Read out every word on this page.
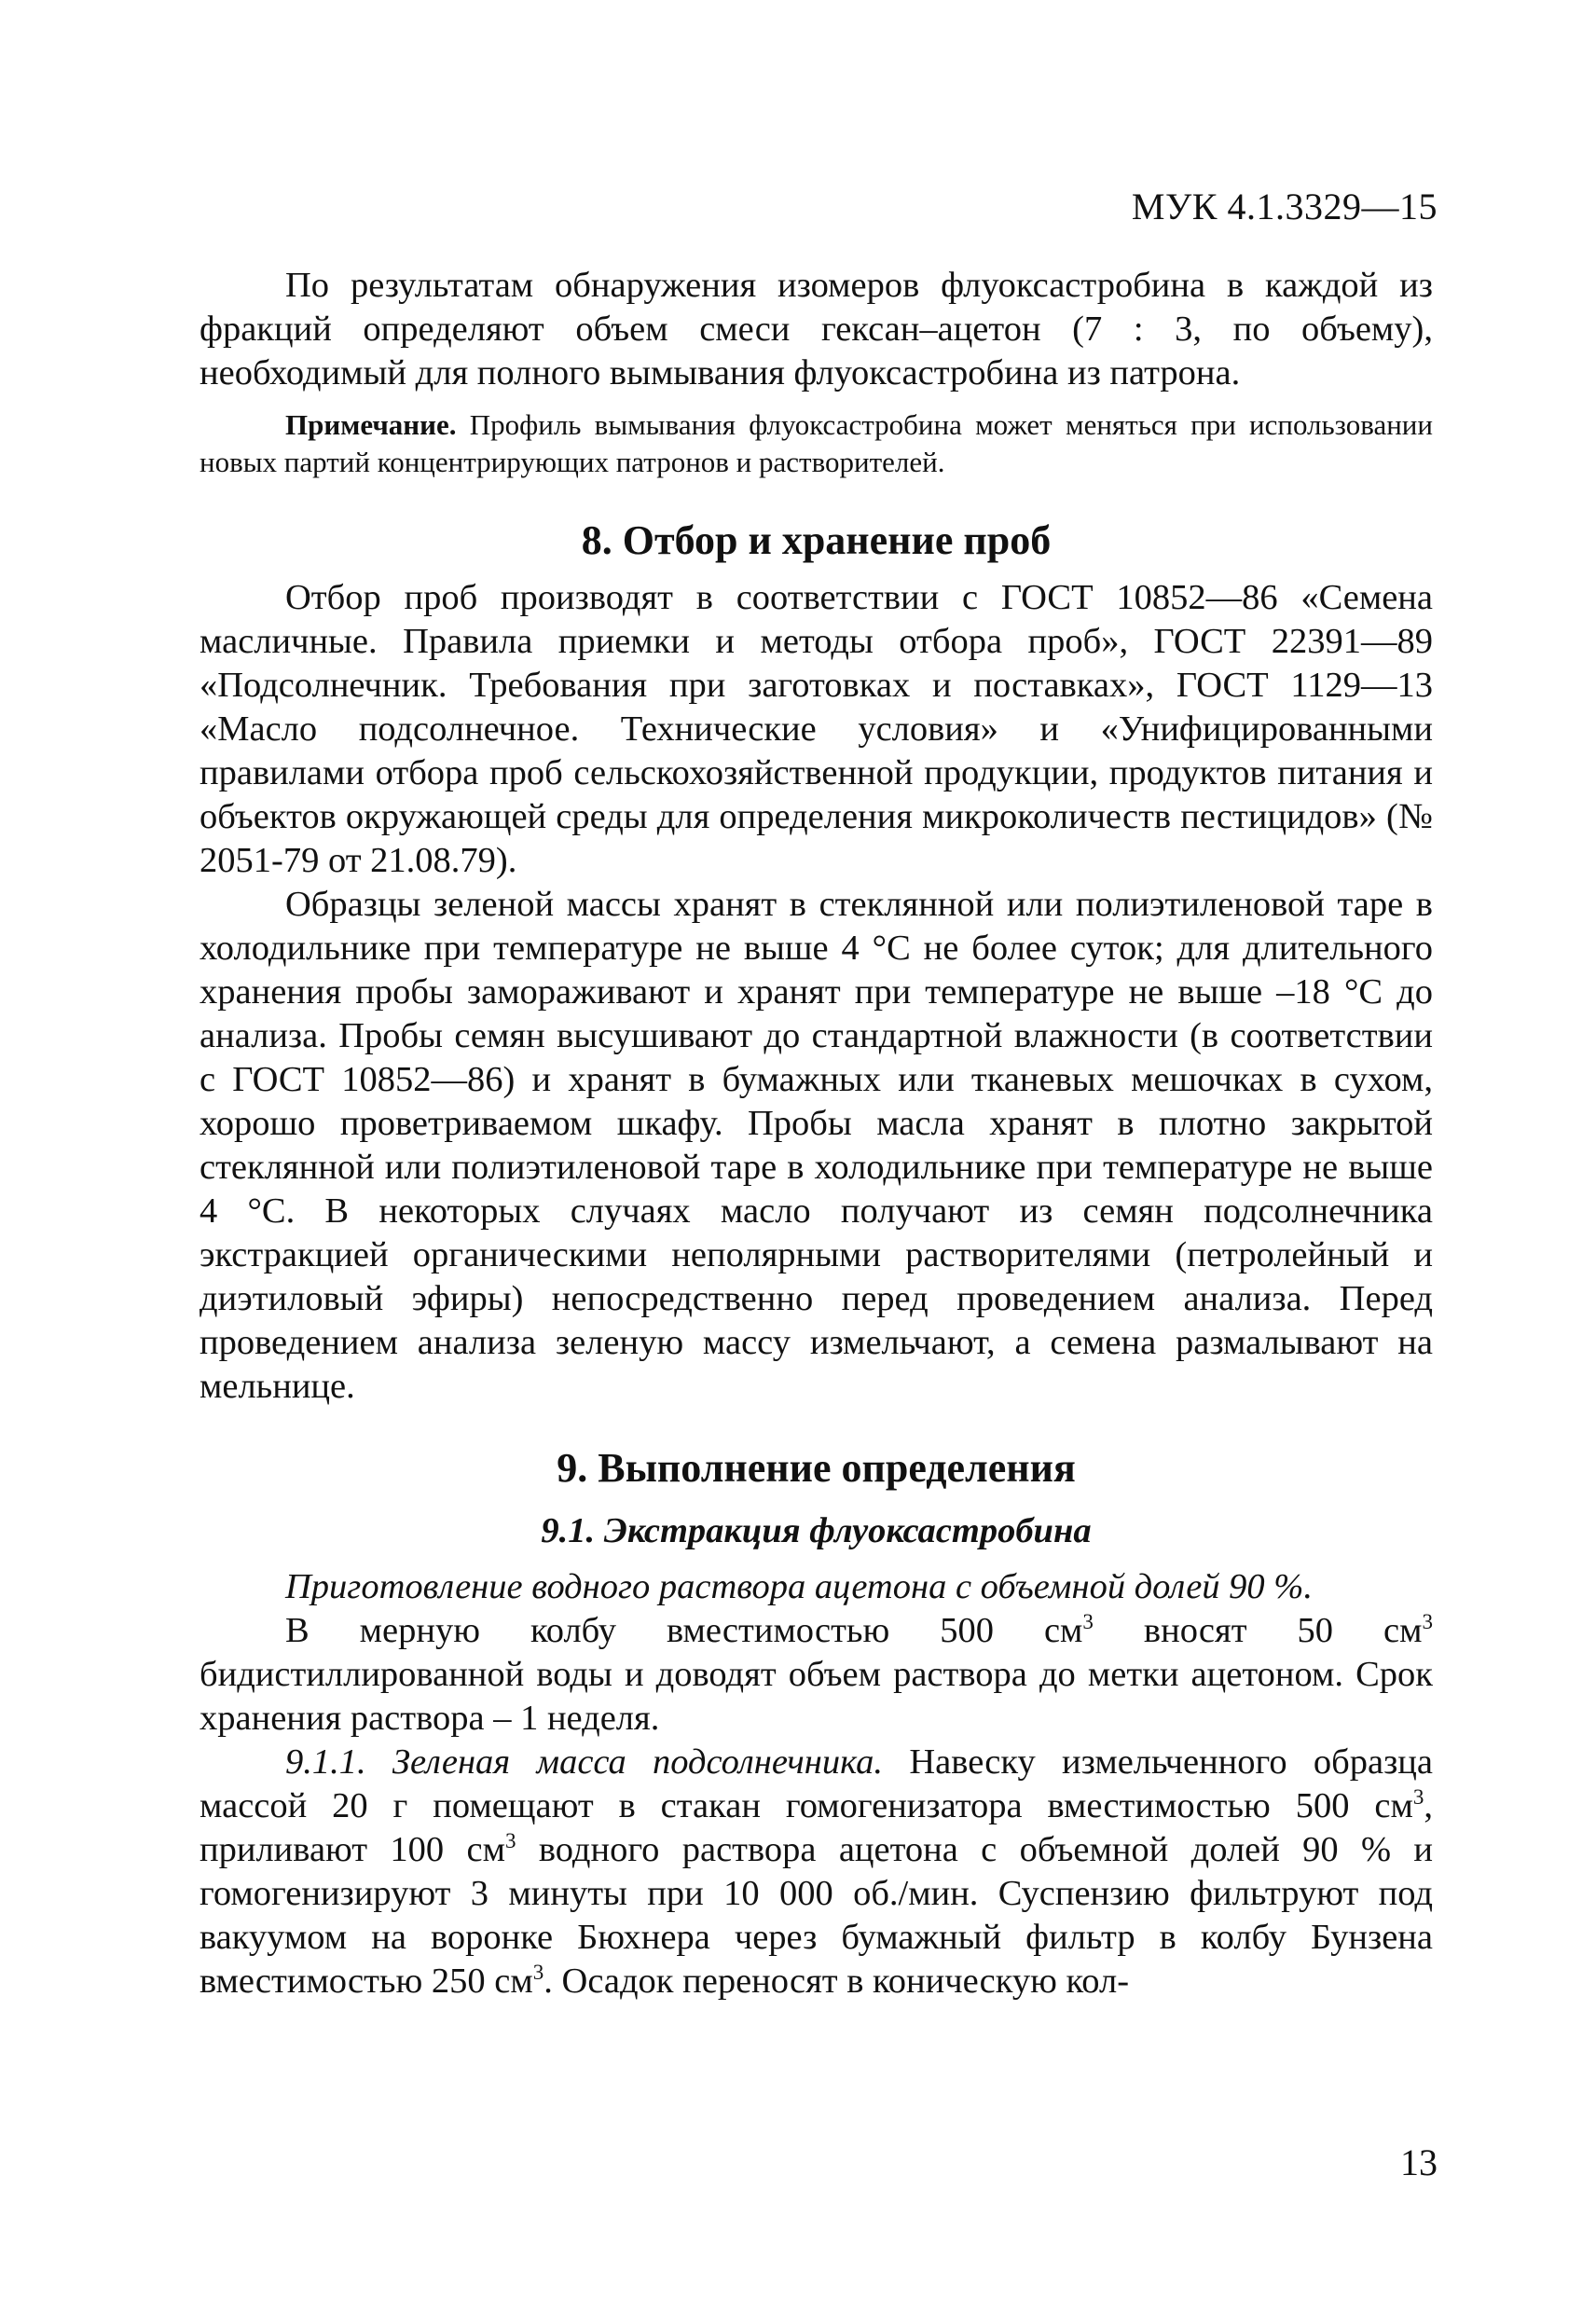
МУК 4.1.3329—15

По результатам обнаружения изомеров флуоксастробина в каждой из фракций определяют объем смеси гексан–ацетон (7 : 3, по объему), необходимый для полного вымывания флуоксастробина из патрона.

Примечание. Профиль вымывания флуоксастробина может меняться при использовании новых партий концентрирующих патронов и растворителей.

8. Отбор и хранение проб

Отбор проб производят в соответствии с ГОСТ 10852—86 «Семена масличные. Правила приемки и методы отбора проб», ГОСТ 22391—89 «Подсолнечник. Требования при заготовках и поставках», ГОСТ 1129—13 «Масло подсолнечное. Технические условия» и «Унифицированными правилами отбора проб сельскохозяйственной продукции, продуктов питания и объектов окружающей среды для определения микроколичеств пестицидов» (№ 2051-79 от 21.08.79).

Образцы зеленой массы хранят в стеклянной или полиэтиленовой таре в холодильнике при температуре не выше 4 °С не более суток; для длительного хранения пробы замораживают и хранят при температуре не выше –18 °С до анализа. Пробы семян высушивают до стандартной влажности (в соответствии с ГОСТ 10852—86) и хранят в бумажных или тканевых мешочках в сухом, хорошо проветриваемом шкафу. Пробы масла хранят в плотно закрытой стеклянной или полиэтиленовой таре в холодильнике при температуре не выше 4 °С. В некоторых случаях масло получают из семян подсолнечника экстракцией органическими неполярными растворителями (петролейный и диэтиловый эфиры) непосредственно перед проведением анализа. Перед проведением анализа зеленую массу измельчают, а семена размалывают на мельнице.

9. Выполнение определения
9.1. Экстракция флуоксастробина

Приготовление водного раствора ацетона с объемной долей 90 %.

В мерную колбу вместимостью 500 $см^3$ вносят 50 $см^3$ бидистиллированной воды и доводят объем раствора до метки ацетоном. Срок хранения раствора – 1 неделя.

9.1.1. Зеленая масса подсолнечника. Навеску измельченного образца массой 20 г помещают в стакан гомогенизатора вместимостью 500 $см^3$, приливают 100 $см^3$ водного раствора ацетона с объемной долей 90 % и гомогенизируют 3 минуты при 10 000 об./мин. Суспензию фильтруют под вакуумом на воронке Бюхнера через бумажный фильтр в колбу Бунзена вместимостью 250 $см^3$. Осадок переносят в коническую кол-

13
